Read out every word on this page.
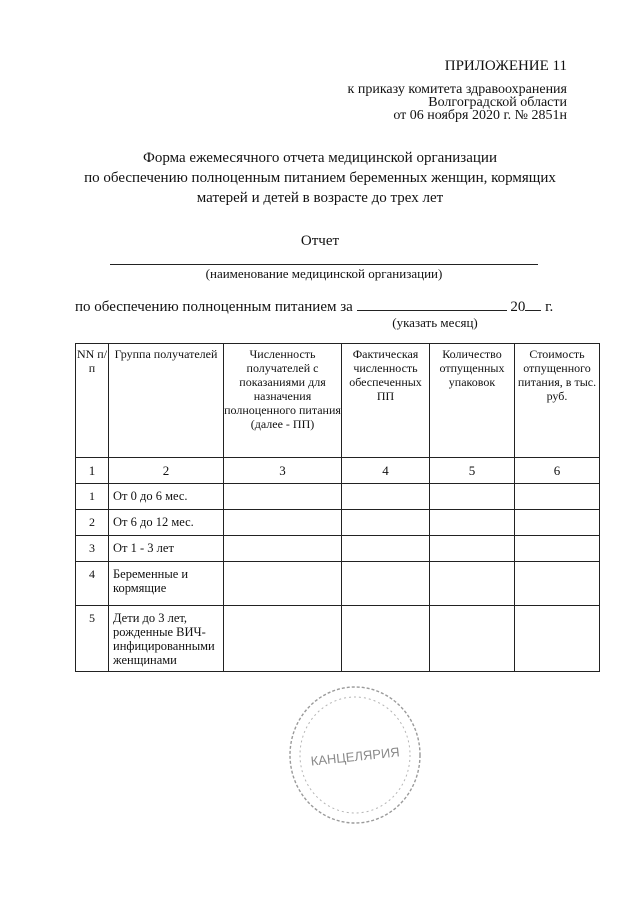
ПРИЛОЖЕНИЕ 11
к приказу комитета здравоохранения
Волгоградской области
от 06 ноября 2020 г. № 2851н
Форма ежемесячного отчета медицинской организации
по обеспечению полноценным питанием беременных женщин, кормящих
матерей и детей в возрасте до трех лет
Отчет
(наименование медицинской организации)
по обеспечению полноценным питанием за	20 г.
(указать месяц)
NN п/п	Группа получателей	Численность получателей с показаниями для назначения полноценного питания (далее - ПП)	Фактическая численность обеспеченных ПП	Количество отпущенных упаковок	Стоимость отпущенного питания, в тыс. руб.
1	2	3	4	5	6
1	От 0 до 6 мес.				
2	От 6 до 12 мес.				
3	От 1 - 3 лет				
4	Беременные и кормящие				
5	Дети до 3 лет, рожденные ВИЧ-инфицированными женщинами				
КАНЦЕЛЯРИЯ
